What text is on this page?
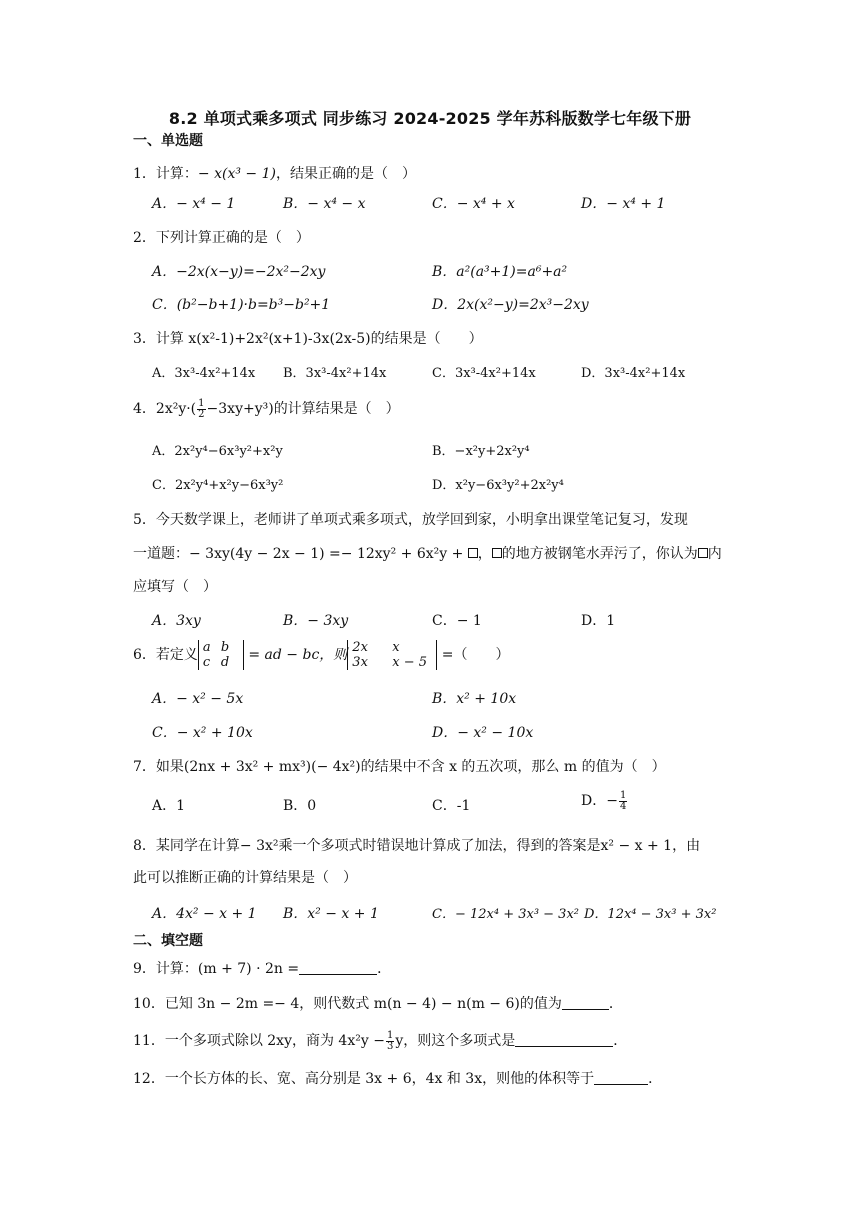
8.2 单项式乘多项式 同步练习 2024-2025 学年苏科版数学七年级下册
一、单选题
1．计算：− x(x³ − 1)，结果正确的是（　）
A．− x⁴ − 1	B．− x⁴ − x	C．− x⁴ + x	D．− x⁴ + 1
2．下列计算正确的是（　）
A．−2x(x−y)=−2x²−2xy	B．a²(a³+1)=a⁶+a²
C．(b²−b+1)·b=b³−b²+1	D．2x(x²−y)=2x³−2xy
3．计算 x(x²-1)+2x²(x+1)-3x(2x-5)的结果是（　　）
A．3x³-4x²+14x B．3x³-4x²+14x	C．3x³-4x²+14x	D．3x³-4x²+14x
4．$2x^2y\cdot( \frac{1}{2} -3xy+y^3)$的计算结果是（　）
A．2x²y⁴−6x³y²+x²y	B．−x²y+2x²y⁴
C．2x²y⁴+x²y−6x³y²	D．x²y−6x³y²+2x²y⁴
5．今天数学课上，老师讲了单项式乘多项式，放学回到家，小明拿出课堂笔记复习，发现
一道题：− 3xy(4y − 2x − 1) =− 12xy² + 6x²y + ， 的地方被钢笔水弄污了，你认为 内
应填写（　）
A．3xy	B．− 3xy	C．− 1	D．1
6．若定义 a b
c d = ad − bc，则 2x x
3x x − 5 =（　　）
A．− x² − 5x	B．x² + 10x
C．− x² + 10x	D．− x² − 10x
7．如果(2nx + 3x² + mx³)(− 4x²)的结果中不含 x 的五次项，那么 m 的值为（　）
A．1	B．0	C．-1	D．− $\frac{1}{4}$
8．某同学在计算− 3x²乘一个多项式时错误地计算成了加法，得到的答案是x² − x + 1，由
此可以推断正确的计算结果是（　）
A．4x² − x + 1 B．x² − x + 1	C．− 12x⁴ + 3x³ − 3x² D．12x⁴ − 3x³ + 3x²
二、填空题
9．计算：(m + 7) · 2n =	．
10．已知 3n − 2m =− 4，则代数式 m(n − 4) − n(m − 6)的值为	．
11．一个多项式除以 2xy，商为 $4x^2y - \frac{1}{3}$ y，则这个多项式是	．
12．一个长方体的长、宽、高分别是 3x + 6，4x 和 3x，则他的体积等于	．
